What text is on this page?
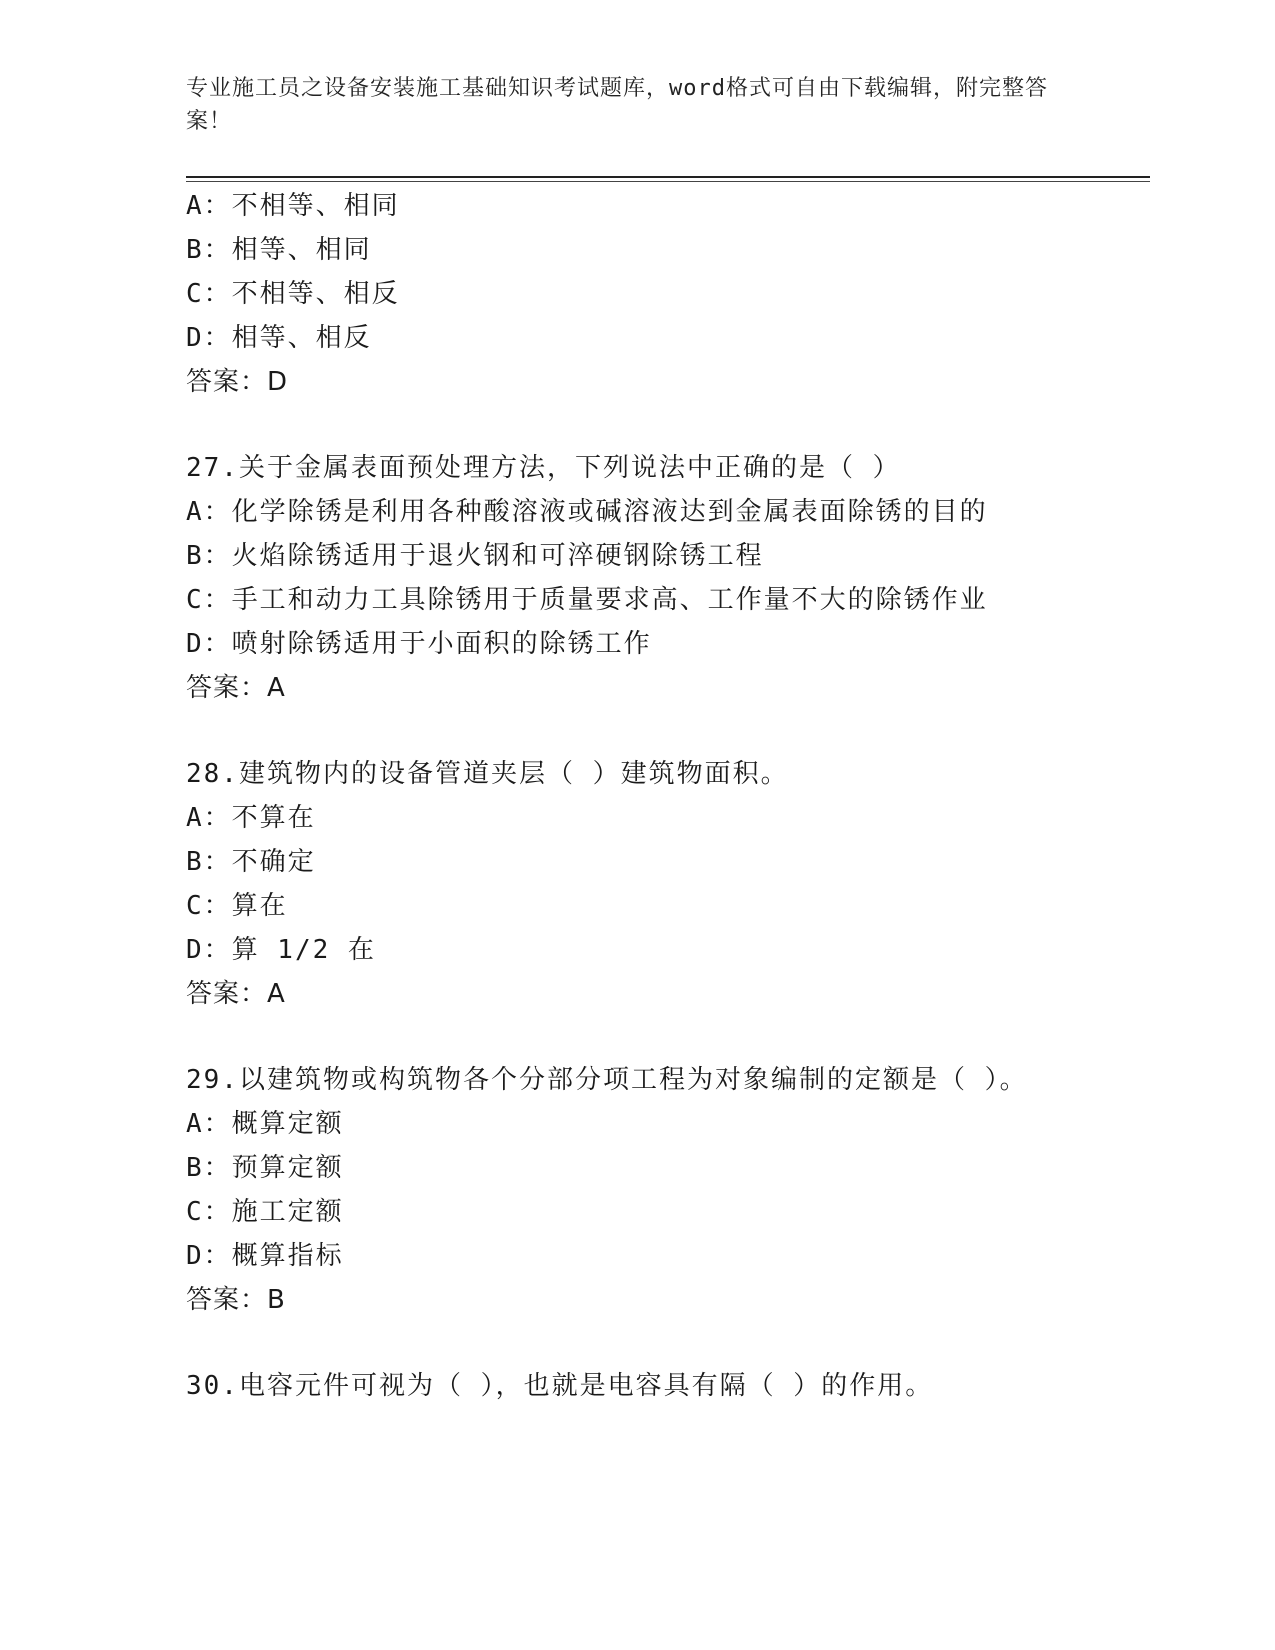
专业施工员之设备安装施工基础知识考试题库，word格式可自由下载编辑，附完整答案！
A：不相等、相同
B：相等、相同
C：不相等、相反
D：相等、相反
答案：D
27.关于金属表面预处理方法，下列说法中正确的是（ ）
A：化学除锈是利用各种酸溶液或碱溶液达到金属表面除锈的目的
B：火焰除锈适用于退火钢和可淬硬钢除锈工程
C：手工和动力工具除锈用于质量要求高、工作量不大的除锈作业
D：喷射除锈适用于小面积的除锈工作
答案：A
28.建筑物内的设备管道夹层（ ）建筑物面积。
A：不算在
B：不确定
C：算在
D：算 1/2 在
答案：A
29.以建筑物或构筑物各个分部分项工程为对象编制的定额是（ ）。
A：概算定额
B：预算定额
C：施工定额
D：概算指标
答案：B
30.电容元件可视为（ ），也就是电容具有隔（ ）的作用。
